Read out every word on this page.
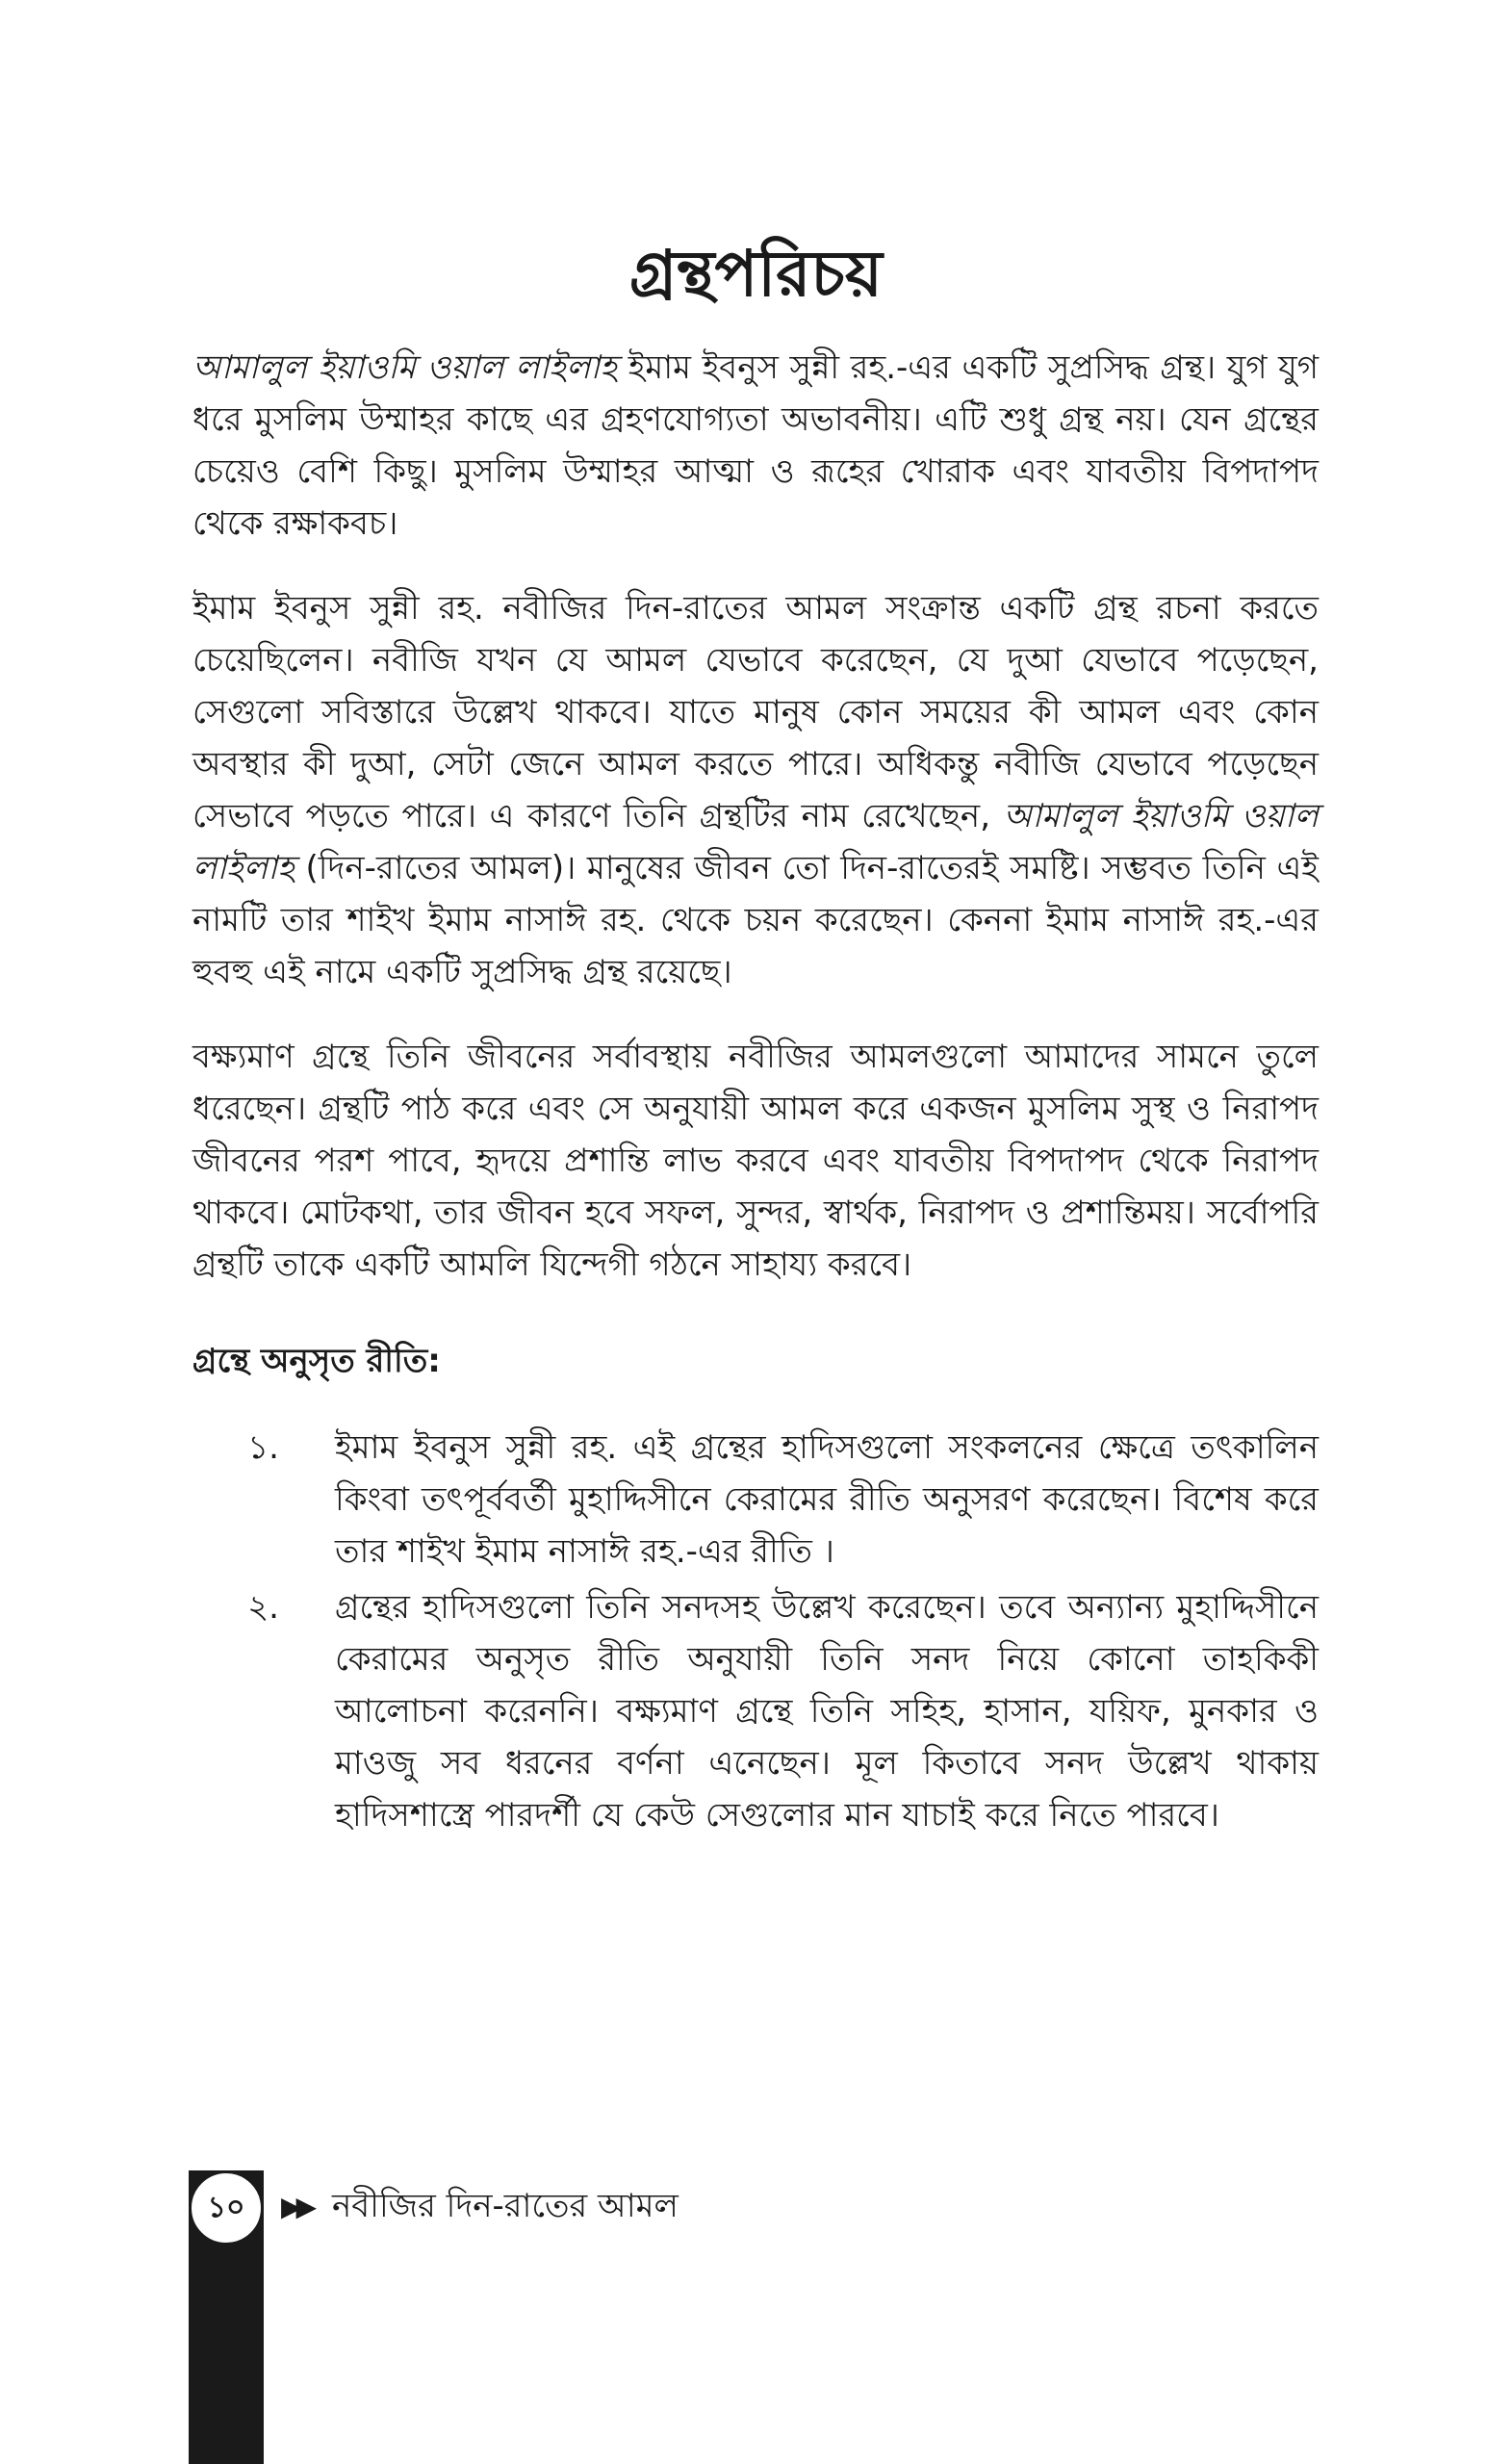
গ্রন্থপরিচয়

আমালুল ইয়াওমি ওয়াল লাইলাহ ইমাম ইবনুস সুন্নী রহ.-এর একটি সুপ্রসিদ্ধ গ্রন্থ। যুগ যুগ ধরে মুসলিম উম্মাহর কাছে এর গ্রহণযোগ্যতা অভাবনীয়। এটি শুধু গ্রন্থ নয়। যেন গ্রন্থের চেয়েও বেশি কিছু। মুসলিম উম্মাহর আত্মা ও রূহের খোরাক এবং যাবতীয় বিপদাপদ থেকে রক্ষাকবচ।

ইমাম ইবনুস সুন্নী রহ. নবীজির দিন-রাতের আমল সংক্রান্ত একটি গ্রন্থ রচনা করতে চেয়েছিলেন। নবীজি যখন যে আমল যেভাবে করেছেন, যে দুআ যেভাবে পড়েছেন, সেগুলো সবিস্তারে উল্লেখ থাকবে। যাতে মানুষ কোন সময়ের কী আমল এবং কোন অবস্থার কী দুআ, সেটা জেনে আমল করতে পারে। অধিকন্তু নবীজি যেভাবে পড়েছেন সেভাবে পড়তে পারে। এ কারণে তিনি গ্রন্থটির নাম রেখেছেন, আমালুল ইয়াওমি ওয়াল লাইলাহ (দিন-রাতের আমল)। মানুষের জীবন তো দিন-রাতেরই সমষ্টি। সম্ভবত তিনি এই নামটি তার শাইখ ইমাম নাসাঈ রহ. থেকে চয়ন করেছেন। কেননা ইমাম নাসাঈ রহ.-এর হুবহু এই নামে একটি সুপ্রসিদ্ধ গ্রন্থ রয়েছে।

বক্ষ্যমাণ গ্রন্থে তিনি জীবনের সর্বাবস্থায় নবীজির আমলগুলো আমাদের সামনে তুলে ধরেছেন। গ্রন্থটি পাঠ করে এবং সে অনুযায়ী আমল করে একজন মুসলিম সুস্থ ও নিরাপদ জীবনের পরশ পাবে, হৃদয়ে প্রশান্তি লাভ করবে এবং যাবতীয় বিপদাপদ থেকে নিরাপদ থাকবে। মোটকথা, তার জীবন হবে সফল, সুন্দর, স্বার্থক, নিরাপদ ও প্রশান্তিময়। সর্বোপরি গ্রন্থটি তাকে একটি আমলি যিন্দেগী গঠনে সাহায্য করবে।

গ্রন্থে অনুসৃত রীতি:
১.	ইমাম ইবনুস সুন্নী রহ. এই গ্রন্থের হাদিসগুলো সংকলনের ক্ষেত্রে তৎকালিন কিংবা তৎপূর্ববর্তী মুহাদ্দিসীনে কেরামের রীতি অনুসরণ করেছেন। বিশেষ করে তার শাইখ ইমাম নাসাঈ রহ.-এর রীতি ।
২.	গ্রন্থের হাদিসগুলো তিনি সনদসহ উল্লেখ করেছেন। তবে অন্যান্য মুহাদ্দিসীনে কেরামের অনুসৃত রীতি অনুযায়ী তিনি সনদ নিয়ে কোনো তাহকিকী আলোচনা করেননি। বক্ষ্যমাণ গ্রন্থে তিনি সহিহ, হাসান, যয়িফ, মুনকার ও মাওজু সব ধরনের বর্ণনা এনেছেন। মূল কিতাবে সনদ উল্লেখ থাকায় হাদিসশাস্ত্রে পারদর্শী যে কেউ সেগুলোর মান যাচাই করে নিতে পারবে।
১০	▶▶ নবীজির দিন-রাতের আমল
